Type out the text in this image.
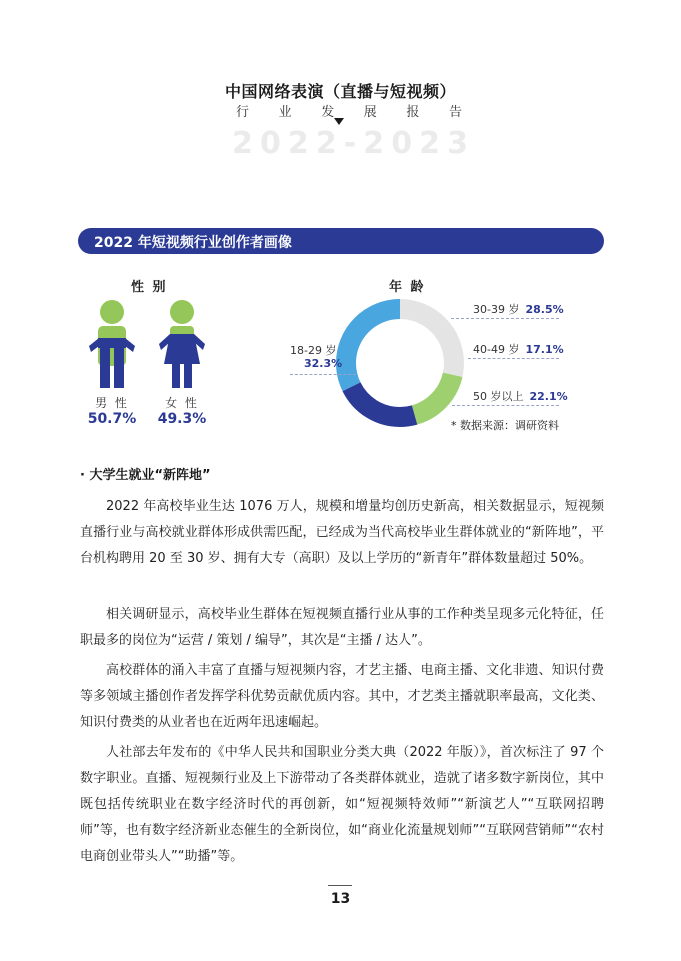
中国网络表演（直播与短视频）
行 业 发 展 报 告
2 0 2 2 - 2 0 2 3
2022 年短视频行业创作者画像
性 别
男 性
50.7%
女 性
49.3%
年 龄
30-39 岁 28.5%
40-49 岁 17.1%
50 岁以上 22.1%
18-29 岁
32.3%
* 数据来源：调研资料
· 大学生就业“新阵地”

2022 年高校毕业生达 1076 万人，规模和增量均创历史新高，相关数据显示，短视频直播行业与高校就业群体形成供需匹配，已经成为当代高校毕业生群体就业的“新阵地”，平台机构聘用 20 至 30 岁、拥有大专（高职）及以上学历的“新青年”群体数量超过 50%。

相关调研显示，高校毕业生群体在短视频直播行业从事的工作种类呈现多元化特征，任职最多的岗位为“运营 / 策划 / 编导”，其次是“主播 / 达人”。

高校群体的涌入丰富了直播与短视频内容，才艺主播、电商主播、文化非遗、知识付费等多领域主播创作者发挥学科优势贡献优质内容。其中，才艺类主播就职率最高，文化类、知识付费类的从业者也在近两年迅速崛起。

人社部去年发布的《中华人民共和国职业分类大典（2022 年版）》，首次标注了 97 个数字职业。直播、短视频行业及上下游带动了各类群体就业，造就了诸多数字新岗位，其中既包括传统职业在数字经济时代的再创新，如“短视频特效师”“新演艺人”“互联网招聘师”等，也有数字经济新业态催生的全新岗位，如“商业化流量规划师”“互联网营销师”“农村电商创业带头人”“助播”等。

13
